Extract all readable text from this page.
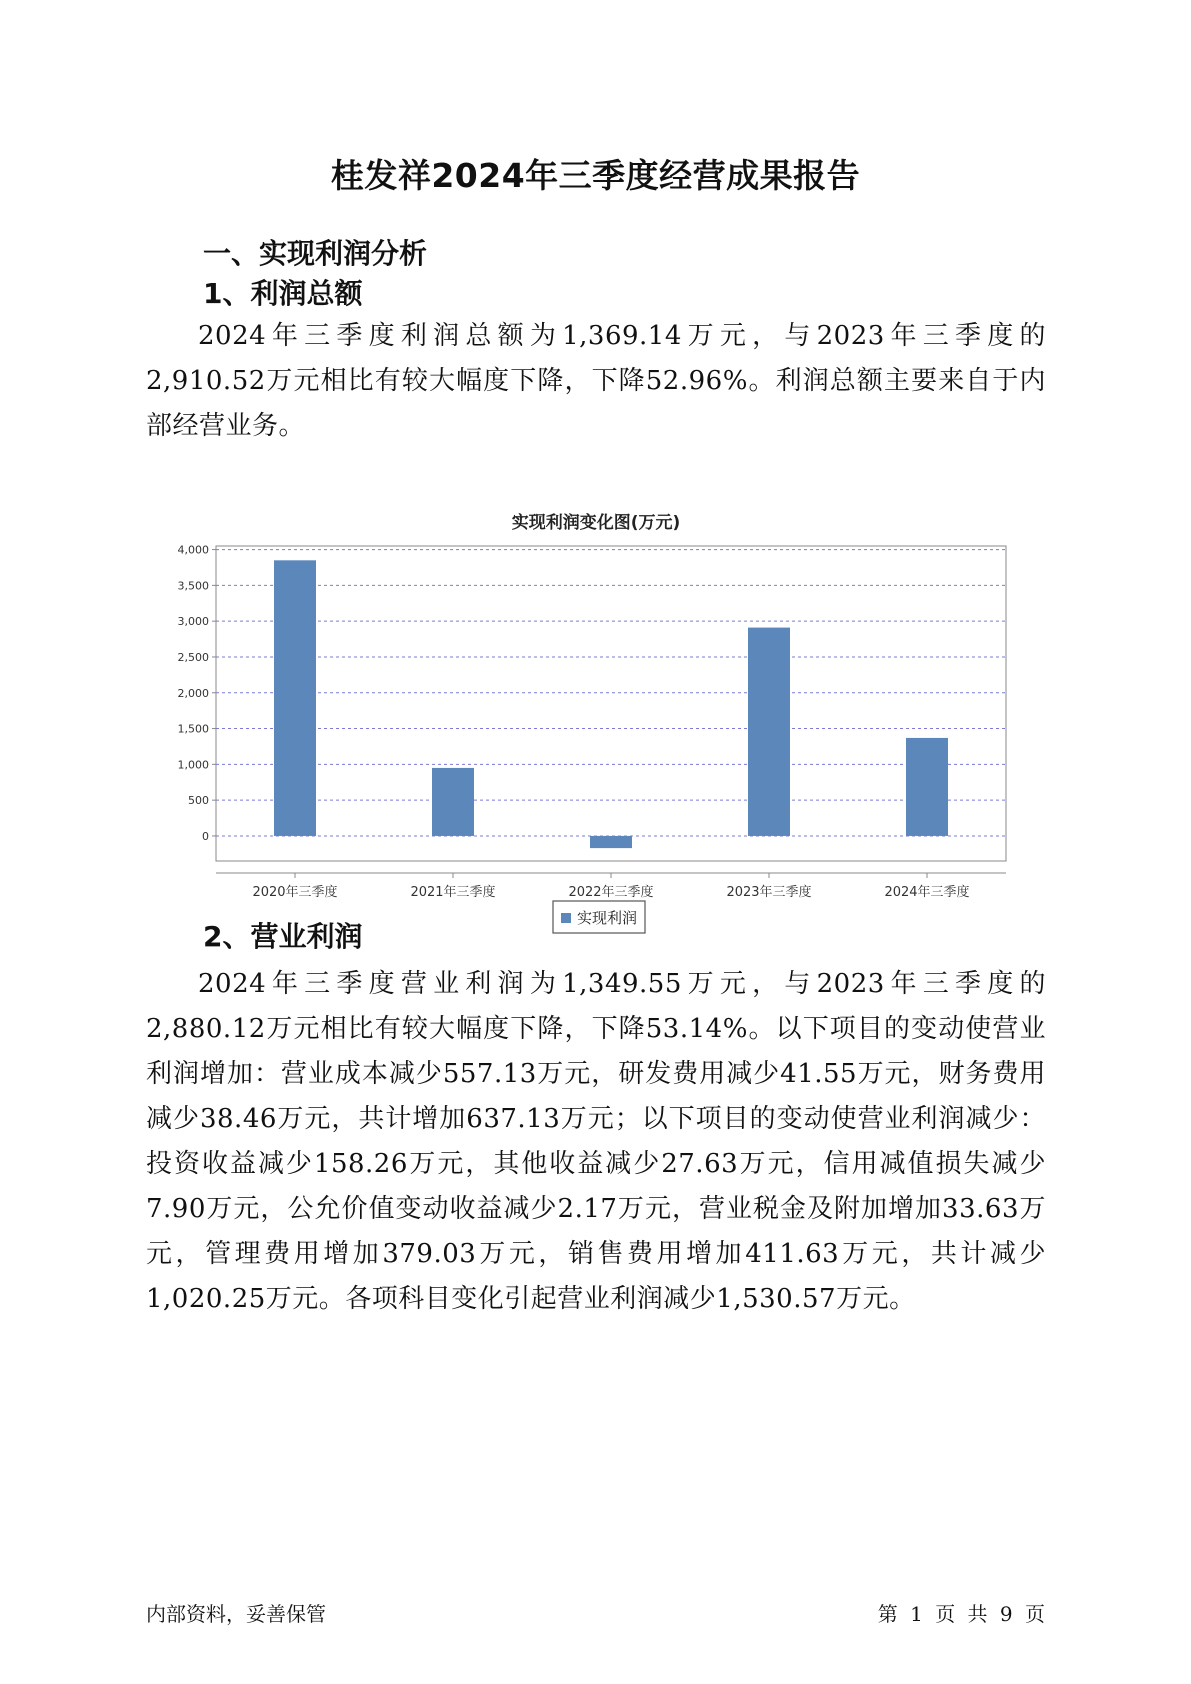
桂发祥2024年三季度经营成果报告
一、实现利润分析
1、利润总额
2024年三季度利润总额为1,369.14万元，与2023年三季度的2,910.52万元相比有较大幅度下降，下降52.96%。利润总额主要来自于内部经营业务。
实现利润变化图(万元)
0
500
1,000
1,500
2,000
2,500
3,000
3,500
4,000
2020年三季度	2021年三季度	2022年三季度	2023年三季度	2024年三季度
实现利润
2、营业利润
2024年三季度营业利润为1,349.55万元，与2023年三季度的2,880.12万元相比有较大幅度下降，下降53.14%。以下项目的变动使营业利润增加：营业成本减少557.13万元，研发费用减少41.55万元，财务费用减少38.46万元，共计增加637.13万元；以下项目的变动使营业利润减少：投资收益减少158.26万元，其他收益减少27.63万元，信用减值损失减少7.90万元，公允价值变动收益减少2.17万元，营业税金及附加增加33.63万元，管理费用增加379.03万元，销售费用增加411.63万元，共计减少1,020.25万元。各项科目变化引起营业利润减少1,530.57万元。
内部资料，妥善保管	第 1 页 共 9 页
